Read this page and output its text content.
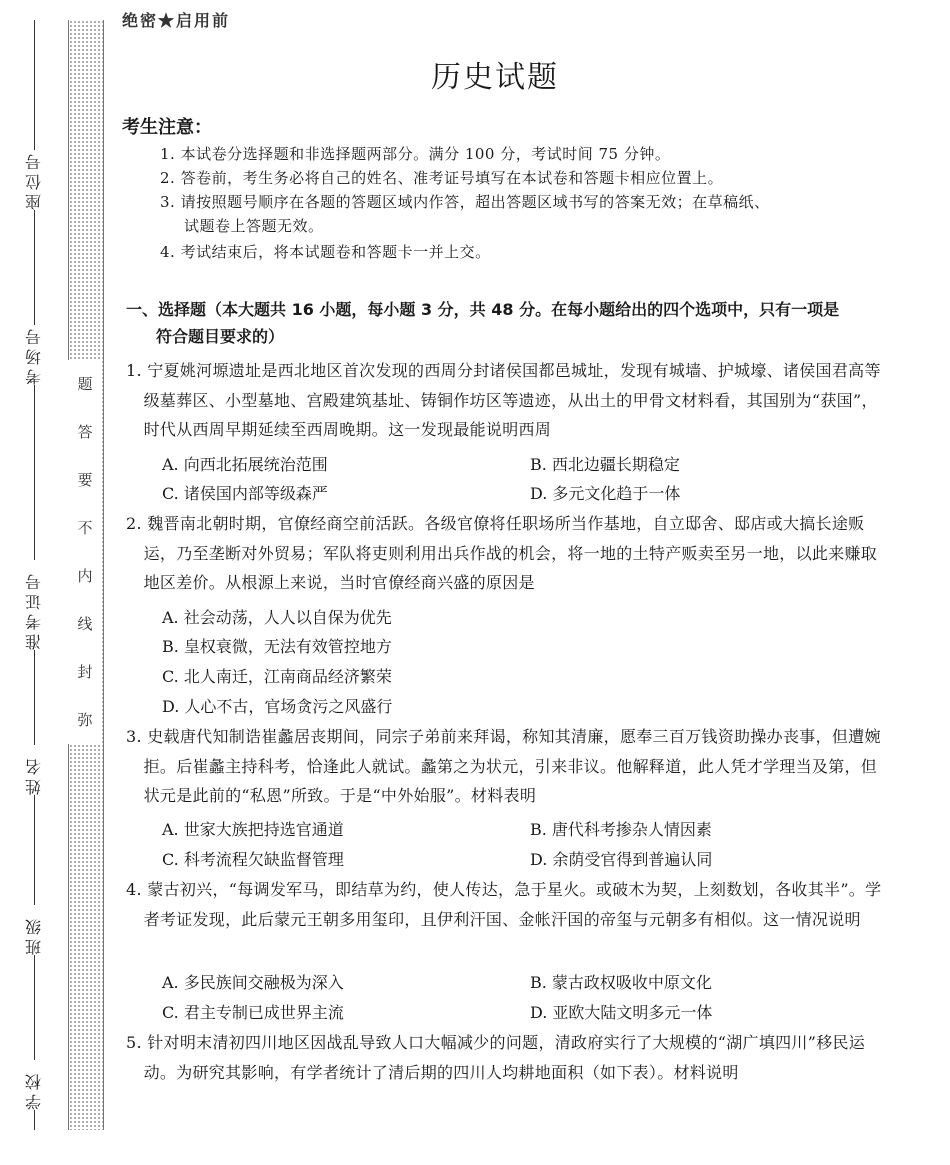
座位号
考场号
准考证号
姓名
班级
学校
题
答
要
不
内
线
封
弥
绝密★启用前
历史试题
考生注意：
1. 本试卷分选择题和非选择题两部分。满分 100 分，考试时间 75 分钟。
2. 答卷前，考生务必将自己的姓名、准考证号填写在本试卷和答题卡相应位置上。
3. 请按照题号顺序在各题的答题区域内作答，超出答题区域书写的答案无效；在草稿纸、
试题卷上答题无效。
4. 考试结束后，将本试题卷和答题卡一并上交。
一、选择题（本大题共 16 小题，每小题 3 分，共 48 分。在每小题给出的四个选项中，只有一项是
符合题目要求的）
1. 宁夏姚河塬遗址是西北地区首次发现的西周分封诸侯国都邑城址，发现有城墙、护城壕、诸侯国君高等级墓葬区、小型墓地、宫殿建筑基址、铸铜作坊区等遗迹，从出土的甲骨文材料看，其国别为“获国”，时代从西周早期延续至西周晚期。这一发现最能说明西周
A. 向西北拓展统治范围	B. 西北边疆长期稳定
C. 诸侯国内部等级森严	D. 多元文化趋于一体
2. 魏晋南北朝时期，官僚经商空前活跃。各级官僚将任职场所当作基地，自立邸舍、邸店或大搞长途贩运，乃至垄断对外贸易；军队将吏则利用出兵作战的机会，将一地的土特产贩卖至另一地，以此来赚取地区差价。从根源上来说，当时官僚经商兴盛的原因是
A. 社会动荡，人人以自保为优先
B. 皇权衰微，无法有效管控地方
C. 北人南迁，江南商品经济繁荣
D. 人心不古，官场贪污之风盛行
3. 史载唐代知制诰崔蠡居丧期间，同宗子弟前来拜谒，称知其清廉，愿奉三百万钱资助操办丧事，但遭婉拒。后崔蠡主持科考，恰逢此人就试。蠡第之为状元，引来非议。他解释道，此人凭才学理当及第，但状元是此前的“私恩”所致。于是“中外始服”。材料表明
A. 世家大族把持选官通道	B. 唐代科考掺杂人情因素
C. 科考流程欠缺监督管理	D. 余荫受官得到普遍认同
4. 蒙古初兴，“每调发军马，即结草为约，使人传达，急于星火。或破木为契，上刻数划，各收其半”。学者考证发现，此后蒙元王朝多用玺印，且伊利汗国、金帐汗国的帝玺与元朝多有相似。这一情况说明
A. 多民族间交融极为深入	B. 蒙古政权吸收中原文化
C. 君主专制已成世界主流	D. 亚欧大陆文明多元一体
5. 针对明末清初四川地区因战乱导致人口大幅减少的问题，清政府实行了大规模的“湖广填四川”移民运动。为研究其影响，有学者统计了清后期的四川人均耕地面积（如下表）。材料说明
